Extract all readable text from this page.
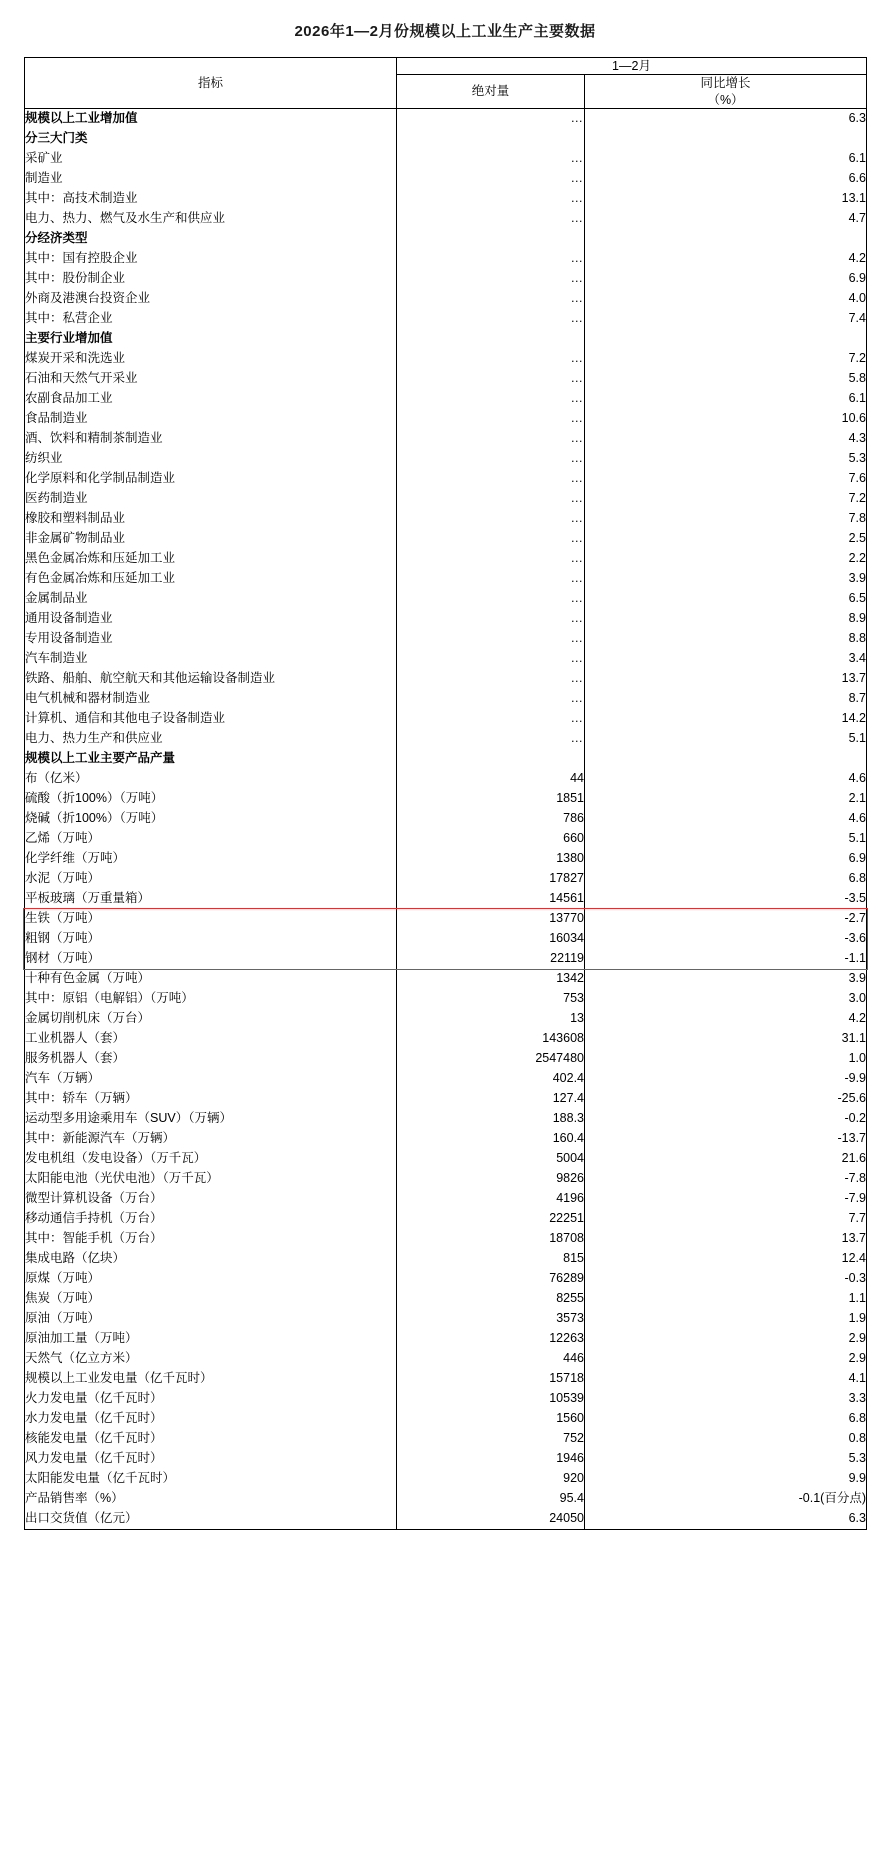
2026年1—2月份规模以上工业生产主要数据
指标	1—2月	
	绝对量	同比增长
（%）
规模以上工业增加值	…	6.3
分三大门类		
采矿业	…	6.1
制造业	…	6.6
其中：高技术制造业	…	13.1
电力、热力、燃气及水生产和供应业	…	4.7
分经济类型		
其中：国有控股企业	…	4.2
其中：股份制企业	…	6.9
外商及港澳台投资企业	…	4.0
其中：私营企业	…	7.4
主要行业增加值		
煤炭开采和洗选业	…	7.2
石油和天然气开采业	…	5.8
农副食品加工业	…	6.1
食品制造业	…	10.6
酒、饮料和精制茶制造业	…	4.3
纺织业	…	5.3
化学原料和化学制品制造业	…	7.6
医药制造业	…	7.2
橡胶和塑料制品业	…	7.8
非金属矿物制品业	…	2.5
黑色金属冶炼和压延加工业	…	2.2
有色金属冶炼和压延加工业	…	3.9
金属制品业	…	6.5
通用设备制造业	…	8.9
专用设备制造业	…	8.8
汽车制造业	…	3.4
铁路、船舶、航空航天和其他运输设备制造业	…	13.7
电气机械和器材制造业	…	8.7
计算机、通信和其他电子设备制造业	…	14.2
电力、热力生产和供应业	…	5.1
规模以上工业主要产品产量		
布（亿米）	44	4.6
硫酸（折100%）（万吨）	1851	2.1
烧碱（折100%）（万吨）	786	4.6
乙烯（万吨）	660	5.1
化学纤维（万吨）	1380	6.9
水泥（万吨）	17827	6.8
平板玻璃（万重量箱）	14561	-3.5
生铁（万吨）	13770	-2.7
粗钢（万吨）	16034	-3.6
钢材（万吨）	22119	-1.1
十种有色金属（万吨）	1342	3.9
其中：原铝（电解铝）（万吨）	753	3.0
金属切削机床（万台）	13	4.2
工业机器人（套）	143608	31.1
服务机器人（套）	2547480	1.0
汽车（万辆）	402.4	-9.9
其中：轿车（万辆）	127.4	-25.6
运动型多用途乘用车（SUV）（万辆）	188.3	-0.2
其中：新能源汽车（万辆）	160.4	-13.7
发电机组（发电设备）（万千瓦）	5004	21.6
太阳能电池（光伏电池）（万千瓦）	9826	-7.8
微型计算机设备（万台）	4196	-7.9
移动通信手持机（万台）	22251	7.7
其中：智能手机（万台）	18708	13.7
集成电路（亿块）	815	12.4
原煤（万吨）	76289	-0.3
焦炭（万吨）	8255	1.1
原油（万吨）	3573	1.9
原油加工量（万吨）	12263	2.9
天然气（亿立方米）	446	2.9
规模以上工业发电量（亿千瓦时）	15718	4.1
火力发电量（亿千瓦时）	10539	3.3
水力发电量（亿千瓦时）	1560	6.8
核能发电量（亿千瓦时）	752	0.8
风力发电量（亿千瓦时）	1946	5.3
太阳能发电量（亿千瓦时）	920	9.9
产品销售率（%）	95.4	-0.1(百分点)
出口交货值（亿元）	24050	6.3
